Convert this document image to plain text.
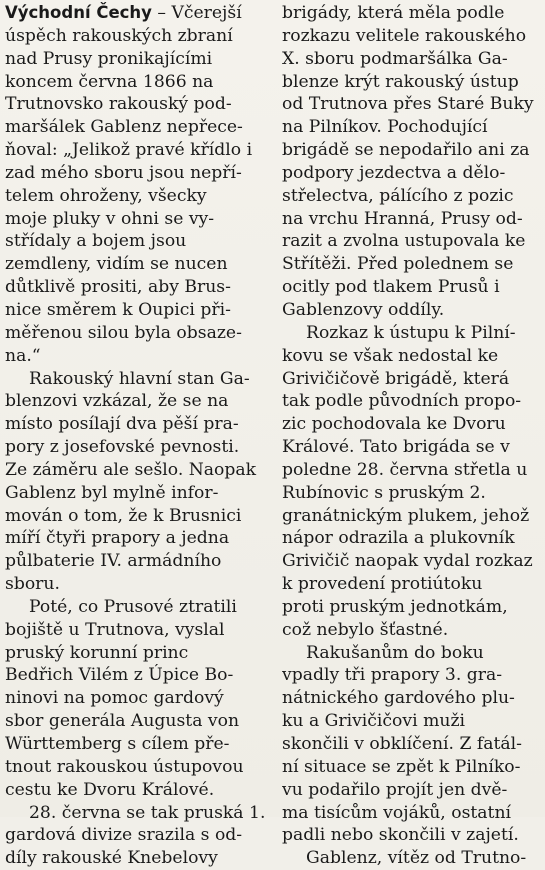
Východní Čechy – Včerejší
úspěch rakouských zbraní
nad Prusy pronikajícími
koncem června 1866 na
Trutnovsko rakouský pod-
maršálek Gablenz nepřece-
ňoval: „Jelikož pravé křídlo i
zad mého sboru jsou nepří-
telem ohroženy, všecky
moje pluky v ohni se vy-
střídaly a bojem jsou
zemdleny, vidím se nucen
důtklivě prositi, aby Brus-
nice směrem k Oupici při-
měřenou silou byla obsaze-
na.“
Rakouský hlavní stan Ga-
blenzovi vzkázal, že se na
místo posílají dva pěší pra-
pory z josefovské pevnosti.
Ze záměru ale sešlo. Naopak
Gablenz byl mylně infor-
mován o tom, že k Brusnici
míří čtyři prapory a jedna
půlbaterie IV. armádního
sboru.
Poté, co Prusové ztratili
bojiště u Trutnova, vyslal
pruský korunní princ
Bedřich Vilém z Úpice Bo-
ninovi na pomoc gardový
sbor generála Augusta von
Württemberg s cílem pře-
tnout rakouskou ústupovou
cestu ke Dvoru Králové.
28. června se tak pruská 1.
gardová divize srazila s od-
díly rakouské Knebelovy
brigády, která měla podle
rozkazu velitele rakouského
X. sboru podmaršálka Ga-
blenze krýt rakouský ústup
od Trutnova přes Staré Buky
na Pilníkov. Pochodující
brigádě se nepodařilo ani za
podpory jezdectva a dělo-
střelectva, pálícího z pozic
na vrchu Hranná, Prusy od-
razit a zvolna ustupovala ke
Střítěži. Před polednem se
ocitly pod tlakem Prusů i
Gablenzovy oddíly.
Rozkaz k ústupu k Pilní-
kovu se však nedostal ke
Grivičičově brigádě, která
tak podle původních propo-
zic pochodovala ke Dvoru
Králové. Tato brigáda se v
poledne 28. června střetla u
Rubínovic s pruským 2.
granátnickým plukem, jehož
nápor odrazila a plukovník
Grivičič naopak vydal rozkaz
k provedení protiútoku
proti pruským jednotkám,
což nebylo šťastné.
Rakušanům do boku
vpadly tři prapory 3. gra-
nátnického gardového plu-
ku a Grivičičovi muži
skončili v obklíčení. Z fatál-
ní situace se zpět k Pilníko-
vu podařilo projít jen dvě-
ma tisícům vojáků, ostatní
padli nebo skončili v zajetí.
Gablenz, vítěz od Trutno-
